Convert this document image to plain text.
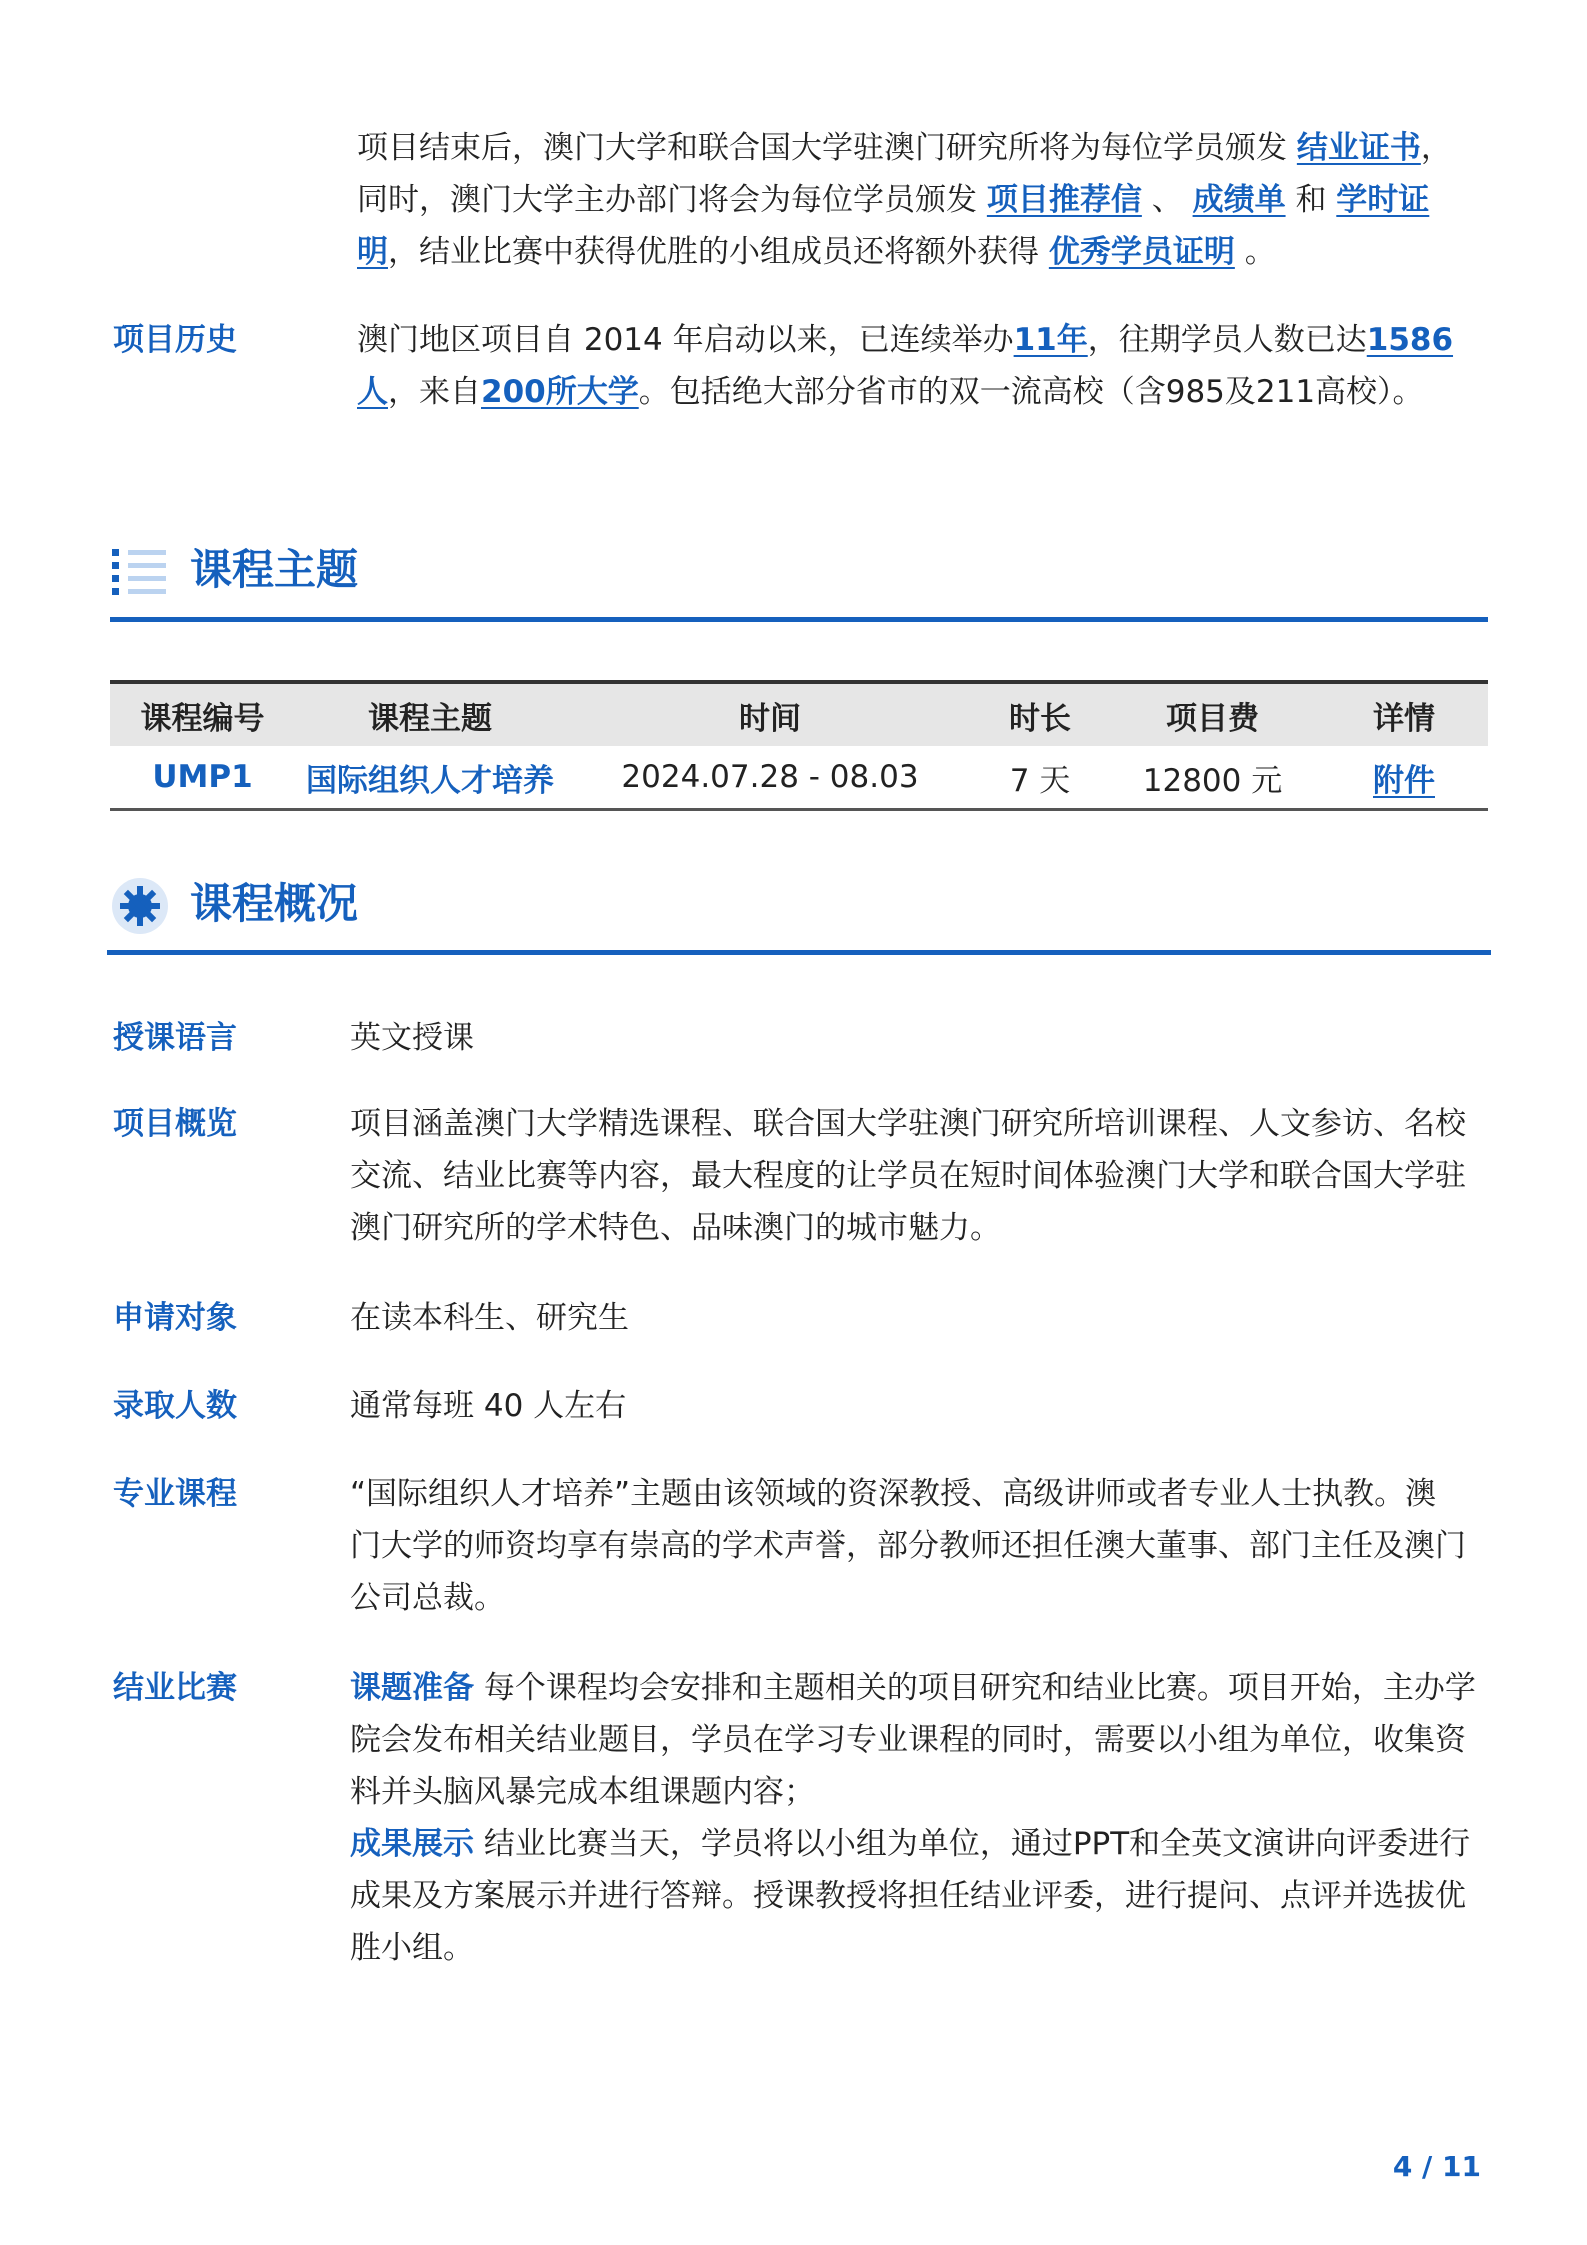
项目结束后，澳门大学和联合国大学驻澳门研究所将为每位学员颁发 结业证书，
同时，澳门大学主办部门将会为每位学员颁发 项目推荐信 、 成绩单 和 学时证
明，结业比赛中获得优胜的小组成员还将额外获得 优秀学员证明 。
项目历史	澳门地区项目自 2014 年启动以来，已连续举办11年，往期学员人数已达1586
人，来自200所大学。包括绝大部分省市的双一流高校（含985及211高校）。
课程主题
课程编号	课程主题	时间	时长	项目费	详情
UMP1	国际组织人才培养	2024.07.28 - 08.03	7 天	12800 元	附件
课程概况
授课语言	英文授课
项目概览	项目涵盖澳门大学精选课程、联合国大学驻澳门研究所培训课程、人文参访、名校
交流、结业比赛等内容，最大程度的让学员在短时间体验澳门大学和联合国大学驻
澳门研究所的学术特色、品味澳门的城市魅力。
申请对象	在读本科生、研究生
录取人数	通常每班 40 人左右
专业课程	“国际组织人才培养”主题由该领域的资深教授、高级讲师或者专业人士执教。澳
门大学的师资均享有崇高的学术声誉，部分教师还担任澳大董事、部门主任及澳门
公司总裁。
结业比赛	课题准备 每个课程均会安排和主题相关的项目研究和结业比赛。项目开始，主办学
院会发布相关结业题目，学员在学习专业课程的同时，需要以小组为单位，收集资
料并头脑风暴完成本组课题内容；
成果展示 结业比赛当天，学员将以小组为单位，通过PPT和全英文演讲向评委进行
成果及方案展示并进行答辩。授课教授将担任结业评委，进行提问、点评并选拔优
胜小组。
4 / 11
